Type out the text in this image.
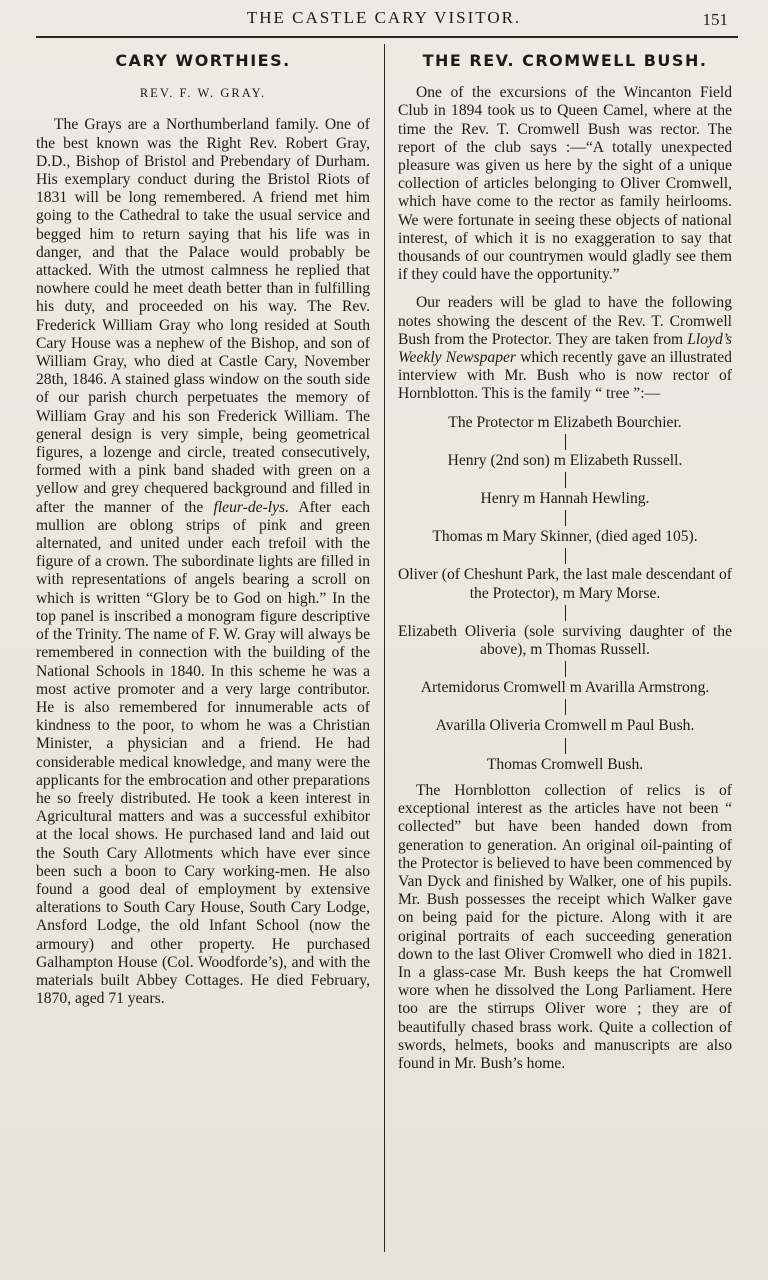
THE CASTLE CARY VISITOR.	151
CARY WORTHIES.
REV. F. W. GRAY.

The Grays are a Northumberland family. One of the best known was the Right Rev. Robert Gray, D.D., Bishop of Bristol and Prebendary of Durham. His exemplary conduct during the Bristol Riots of 1831 will be long remembered. A friend met him going to the Cathedral to take the usual service and begged him to return saying that his life was in danger, and that the Palace would probably be attacked. With the utmost calmness he replied that nowhere could he meet death better than in fulfilling his duty, and proceeded on his way. The Rev. Frederick William Gray who long resided at South Cary House was a nephew of the Bishop, and son of William Gray, who died at Castle Cary, November 28th, 1846. A stained glass window on the south side of our parish church perpetuates the memory of William Gray and his son Frederick William. The general design is very simple, being geometrical figures, a lozenge and circle, treated consecutively, formed with a pink band shaded with green on a yellow and grey chequered background and filled in after the manner of the fleur-de-lys. After each mullion are oblong strips of pink and green alternated, and united under each trefoil with the figure of a crown. The subordinate lights are filled in with representations of angels bearing a scroll on which is written “Glory be to God on high.” In the top panel is inscribed a monogram figure descriptive of the Trinity. The name of F. W. Gray will always be remembered in connection with the building of the National Schools in 1840. In this scheme he was a most active promoter and a very large contributor. He is also remembered for innumerable acts of kindness to the poor, to whom he was a Christian Minister, a physician and a friend. He had considerable medical knowledge, and many were the applicants for the embrocation and other preparations he so freely distributed. He took a keen interest in Agricultural matters and was a successful exhibitor at the local shows. He purchased land and laid out the South Cary Allotments which have ever since been such a boon to Cary working-men. He also found a good deal of employment by extensive alterations to South Cary House, South Cary Lodge, Ansford Lodge, the old Infant School (now the armoury) and other property. He purchased Galhampton House (Col. Woodforde’s), and with the materials built Abbey Cottages. He died February, 1870, aged 71 years.

THE REV. CROMWELL BUSH.

One of the excursions of the Wincanton Field Club in 1894 took us to Queen Camel, where at the time the Rev. T. Cromwell Bush was rector. The report of the club says :—“A totally unexpected pleasure was given us here by the sight of a unique collection of articles belonging to Oliver Cromwell, which have come to the rector as family heirlooms. We were fortunate in seeing these objects of national interest, of which it is no exaggeration to say that thousands of our countrymen would gladly see them if they could have the opportunity.”

Our readers will be glad to have the following notes showing the descent of the Rev. T. Cromwell Bush from the Protector. They are taken from Lloyd’s Weekly Newspaper which recently gave an illustrated interview with Mr. Bush who is now rector of Hornblotton. This is the family “ tree ”:—

The Protector m Elizabeth Bourchier.

Henry (2nd son) m Elizabeth Russell.

Henry m Hannah Hewling.

Thomas m Mary Skinner, (died aged 105).

Oliver (of Cheshunt Park, the last male descendant of the Protector), m Mary Morse.

Elizabeth Oliveria (sole surviving daughter of the above), m Thomas Russell.

Artemidorus Cromwell m Avarilla Armstrong.

Avarilla Oliveria Cromwell m Paul Bush.

Thomas Cromwell Bush.

The Hornblotton collection of relics is of exceptional interest as the articles have not been “ collected” but have been handed down from generation to generation. An original oil-painting of the Protector is believed to have been commenced by Van Dyck and finished by Walker, one of his pupils. Mr. Bush possesses the receipt which Walker gave on being paid for the picture. Along with it are original portraits of each succeeding generation down to the last Oliver Cromwell who died in 1821. In a glass-case Mr. Bush keeps the hat Cromwell wore when he dissolved the Long Parliament. Here too are the stirrups Oliver wore ; they are of beautifully chased brass work. Quite a collection of swords, helmets, books and manuscripts are also found in Mr. Bush’s home.
